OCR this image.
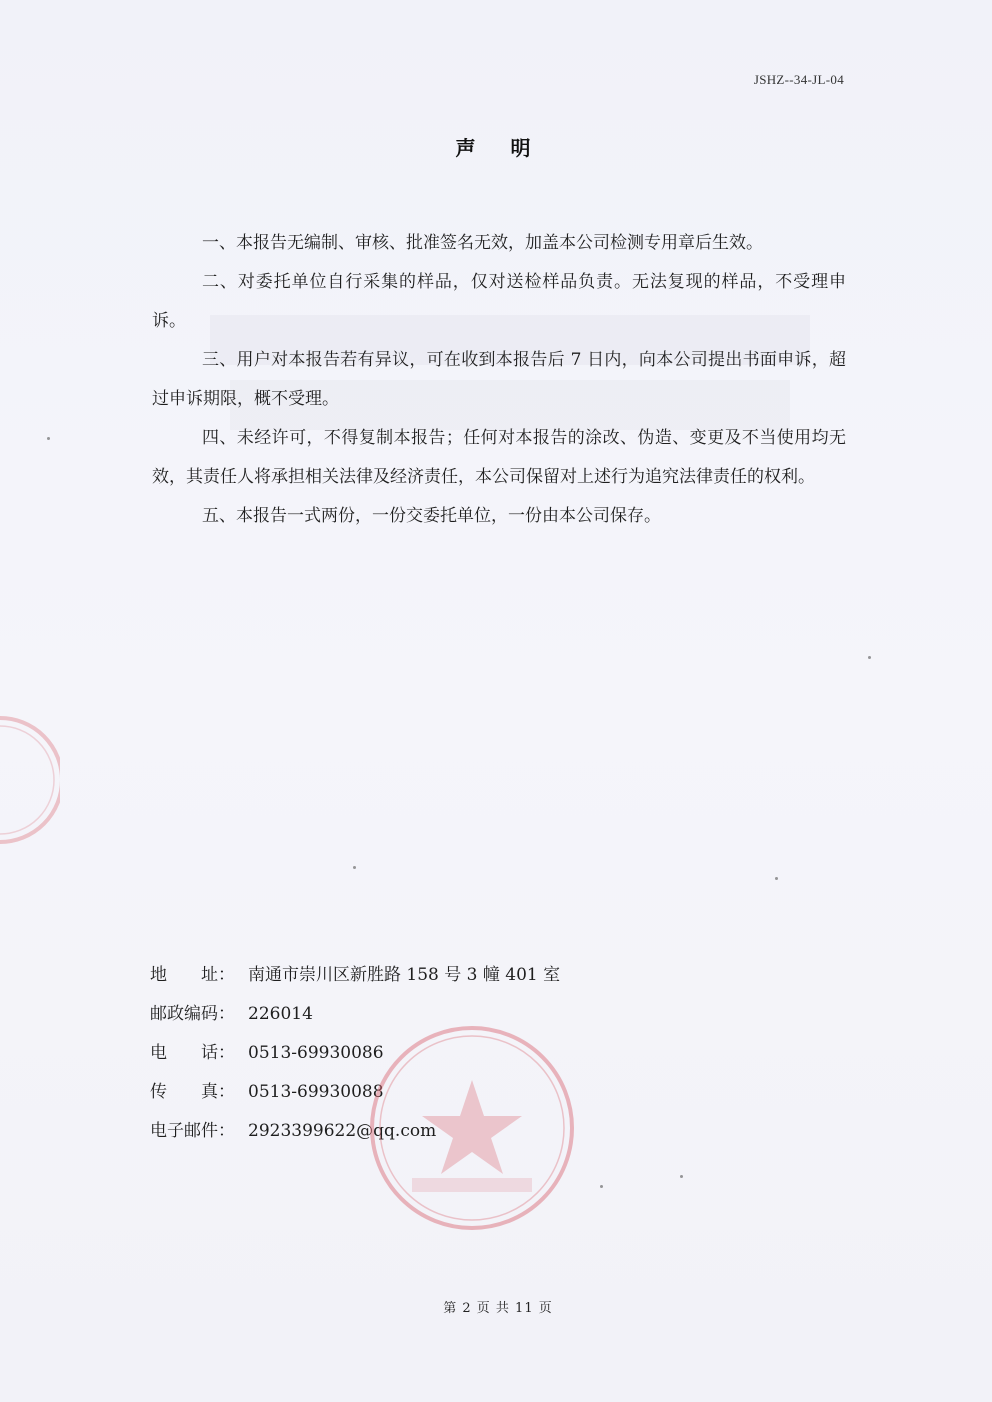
JSHZ--34-JL-04
声 明

一、本报告无编制、审核、批准签名无效，加盖本公司检测专用章后生效。

二、对委托单位自行采集的样品，仅对送检样品负责。无法复现的样品，不受理申诉。

三、用户对本报告若有异议，可在收到本报告后 7 日内，向本公司提出书面申诉，超过申诉期限，概不受理。

四、未经许可，不得复制本报告；任何对本报告的涂改、伪造、变更及不当使用均无效，其责任人将承担相关法律及经济责任，本公司保留对上述行为追究法律责任的权利。

五、本报告一式两份，一份交委托单位，一份由本公司保存。

地　　址： 南通市崇川区新胜路 158 号 3 幢 401 室
邮政编码： 226014
电　　话： 0513-69930086
传　　真： 0513-69930088
电子邮件： 2923399622@qq.com
第 2 页 共 11 页
